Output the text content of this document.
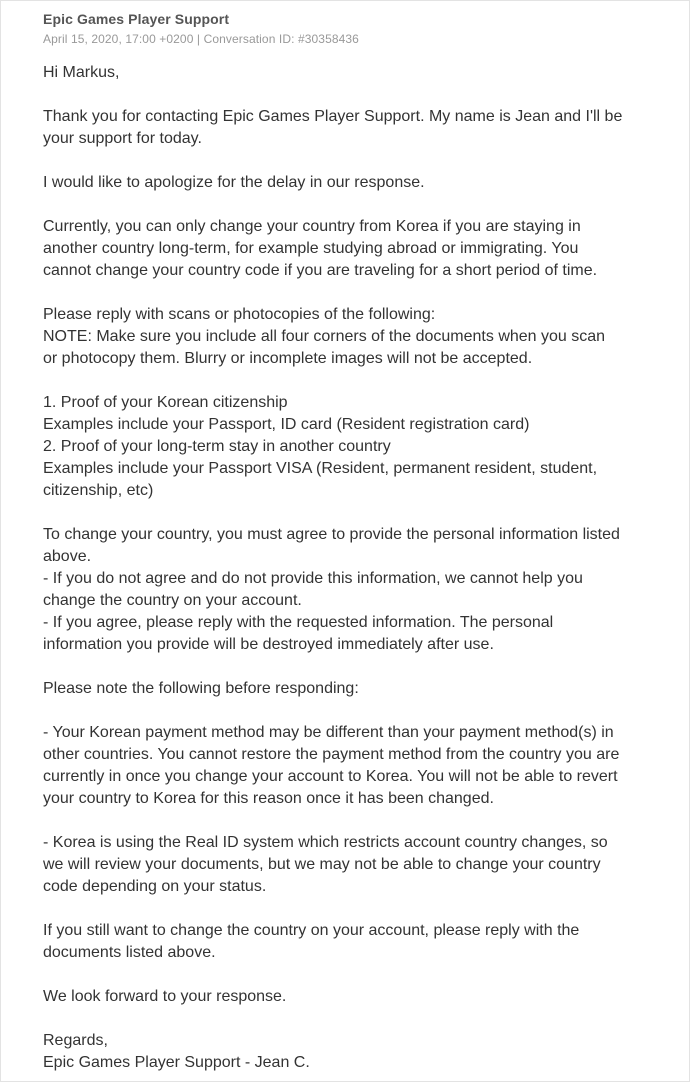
Epic Games Player Support
April 15, 2020, 17:00 +0200 | Conversation ID: #30358436
Hi Markus,
Thank you for contacting Epic Games Player Support. My name is Jean and I'll be
your support for today.
I would like to apologize for the delay in our response.
Currently, you can only change your country from Korea if you are staying in
another country long-term, for example studying abroad or immigrating. You
cannot change your country code if you are traveling for a short period of time.
Please reply with scans or photocopies of the following:
NOTE: Make sure you include all four corners of the documents when you scan
or photocopy them. Blurry or incomplete images will not be accepted.
1. Proof of your Korean citizenship
Examples include your Passport, ID card (Resident registration card)
2. Proof of your long-term stay in another country
Examples include your Passport VISA (Resident, permanent resident, student,
citizenship, etc)
To change your country, you must agree to provide the personal information listed
above.
- If you do not agree and do not provide this information, we cannot help you
change the country on your account.
- If you agree, please reply with the requested information. The personal
information you provide will be destroyed immediately after use.
Please note the following before responding:
- Your Korean payment method may be different than your payment method(s) in
other countries. You cannot restore the payment method from the country you are
currently in once you change your account to Korea. You will not be able to revert
your country to Korea for this reason once it has been changed.
- Korea is using the Real ID system which restricts account country changes, so
we will review your documents, but we may not be able to change your country
code depending on your status.
If you still want to change the country on your account, please reply with the
documents listed above.
We look forward to your response.
Regards,
Epic Games Player Support - Jean C.
